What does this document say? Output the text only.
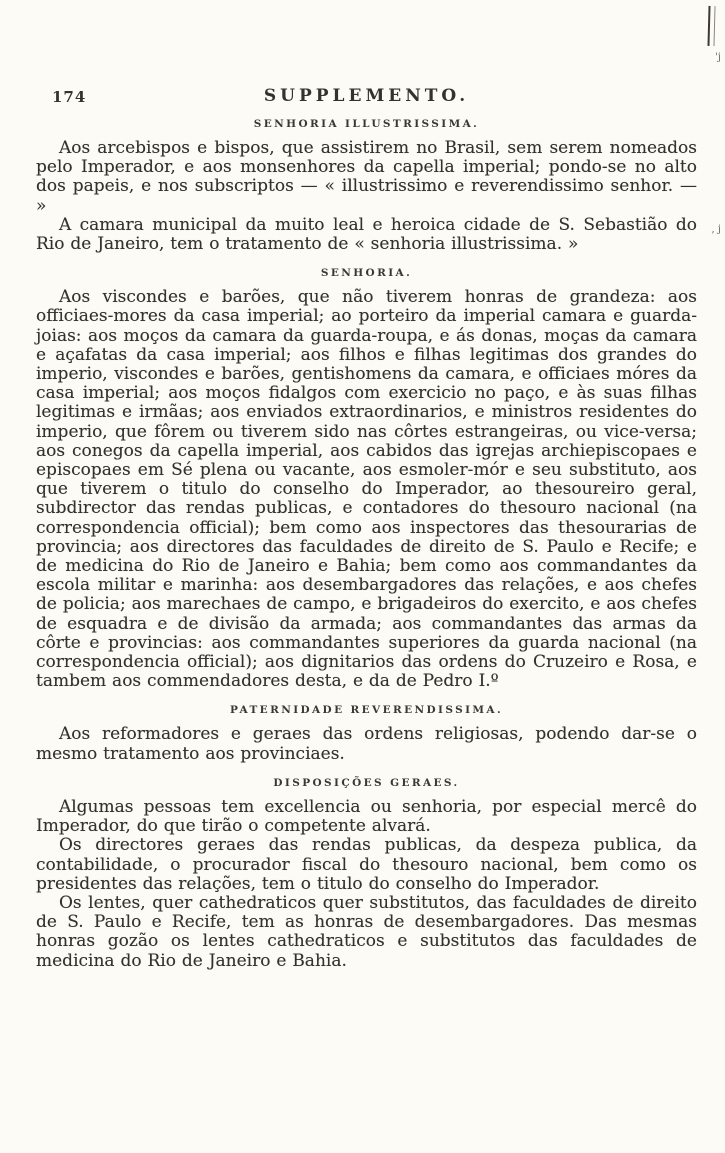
'j
, j
174	SUPPLEMENTO.
SENHORIA ILLUSTRISSIMA.

Aos arcebispos e bispos, que assistirem no Brasil, sem serem nomeados pelo Imperador, e aos monsenhores da capella imperial; pondo-se no alto dos papeis, e nos subscriptos — « illustrissimo e reverendissimo senhor. — »

A camara municipal da muito leal e heroica cidade de S. Sebastião do Rio de Janeiro, tem o tratamento de « senhoria illustrissima. »

SENHORIA.

Aos viscondes e barões, que não tiverem honras de grandeza: aos officiaes-mores da casa imperial; ao porteiro da imperial camara e guarda-joias: aos moços da camara da guarda-roupa, e ás donas, moças da camara e açafatas da casa imperial; aos filhos e filhas legitimas dos grandes do imperio, viscondes e barões, gentishomens da camara, e officiaes móres da casa imperial; aos moços fidalgos com exercicio no paço, e às suas filhas legitimas e irmãas; aos enviados extraordinarios, e ministros residentes do imperio, que fôrem ou tiverem sido nas côrtes estrangeiras, ou vice-versa; aos conegos da capella imperial, aos cabidos das igrejas archiepiscopaes e episcopaes em Sé plena ou vacante, aos esmoler-mór e seu substituto, aos que tiverem o titulo do conselho do Imperador, ao thesoureiro geral, subdirector das rendas publicas, e contadores do thesouro nacional (na correspondencia official); bem como aos inspectores das thesourarias de provincia; aos directores das faculdades de direito de S. Paulo e Recife; e de medicina do Rio de Janeiro e Bahia; bem como aos commandantes da escola militar e marinha: aos desembargadores das relações, e aos chefes de policia; aos marechaes de campo, e brigadeiros do exercito, e aos chefes de esquadra e de divisão da armada; aos commandantes das armas da côrte e provincias: aos commandantes superiores da guarda nacional (na correspondencia official); aos dignitarios das ordens do Cruzeiro e Rosa, e tambem aos commendadores desta, e da de Pedro I.º

PATERNIDADE REVERENDISSIMA.

Aos reformadores e geraes das ordens religiosas, podendo dar-se o mesmo tratamento aos provinciaes.

DISPOSIÇÕES GERAES.

Algumas pessoas tem excellencia ou senhoria, por especial mercê do Imperador, do que tirão o competente alvará.

Os directores geraes das rendas publicas, da despeza publica, da contabilidade, o procurador fiscal do thesouro nacional, bem como os presidentes das relações, tem o titulo do conselho do Imperador.

Os lentes, quer cathedraticos quer substitutos, das faculdades de direito de S. Paulo e Recife, tem as honras de desembargadores. Das mesmas honras gozão os lentes cathedraticos e substitutos das faculdades de medicina do Rio de Janeiro e Bahia.
